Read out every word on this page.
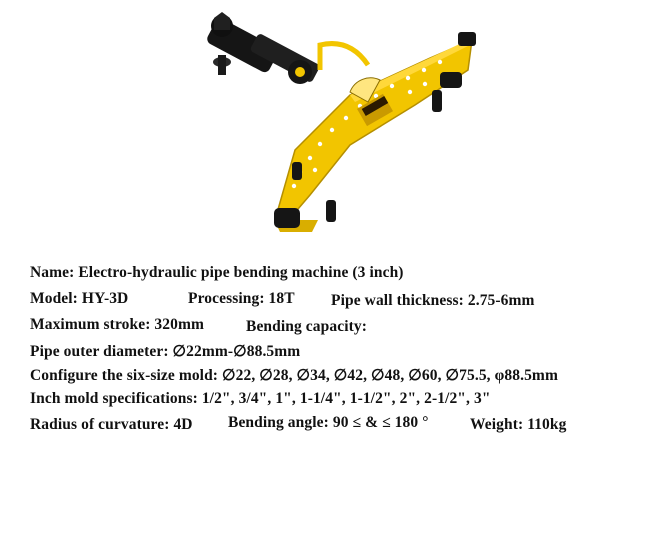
Name: Electro-hydraulic pipe bending machine (3 inch)
Model: HY-3D	Processing: 18T Pipe wall thickness: 2.75-6mm
Maximum stroke: 320mm	Bending capacity:
Pipe outer diameter: ∅22mm-∅88.5mm
Configure the six-size mold: ∅22, ∅28, ∅34, ∅42, ∅48, ∅60, ∅75.5, φ88.5mm
Inch mold specifications: 1/2", 3/4", 1", 1-1/4", 1-1/2", 2", 2-1/2", 3"
Radius of curvature: 4D Bending angle: 90 ≤ & ≤ 180 °	Weight: 110kg
